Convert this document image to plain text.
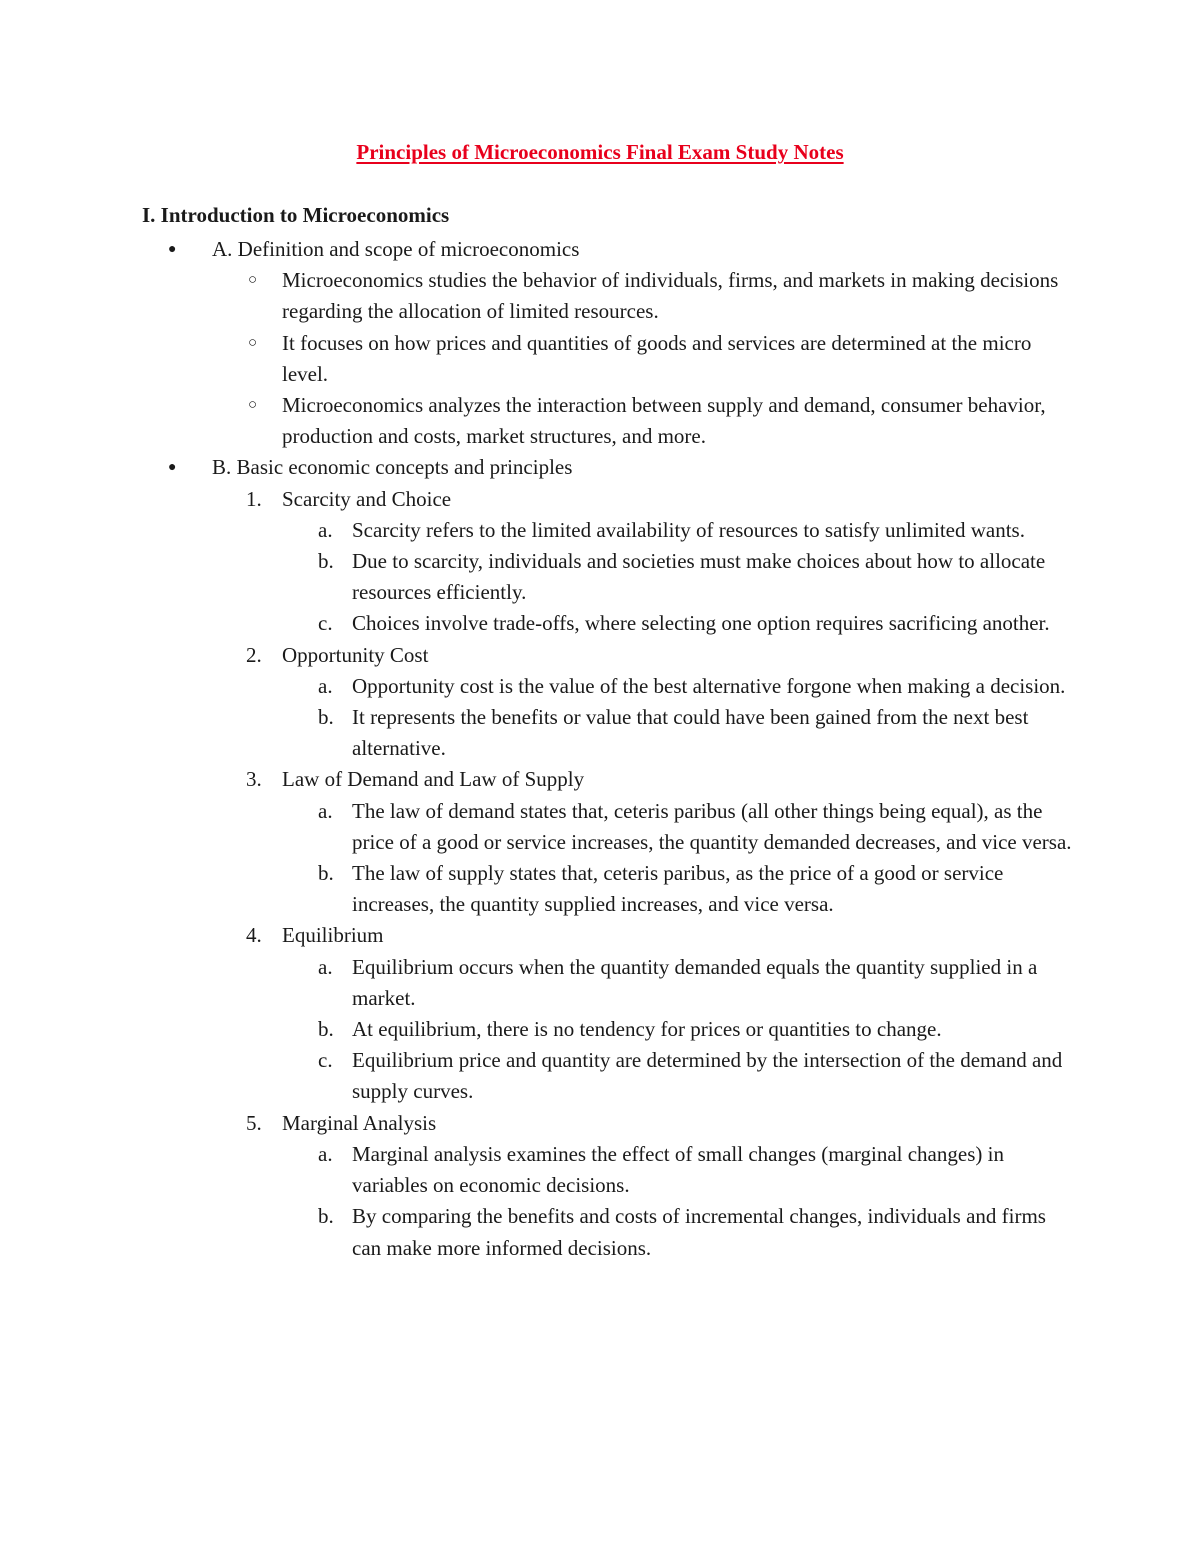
Principles of Microeconomics Final Exam Study Notes
I. Introduction to Microeconomics
● A. Definition and scope of microeconomics
○ Microeconomics studies the behavior of individuals, firms, and markets in making decisions regarding the allocation of limited resources.
○ It focuses on how prices and quantities of goods and services are determined at the micro level.
○ Microeconomics analyzes the interaction between supply and demand, consumer behavior, production and costs, market structures, and more.
● B. Basic economic concepts and principles
1. Scarcity and Choice
a. Scarcity refers to the limited availability of resources to satisfy unlimited wants.
b. Due to scarcity, individuals and societies must make choices about how to allocate resources efficiently.
c. Choices involve trade-offs, where selecting one option requires sacrificing another.
2. Opportunity Cost
a. Opportunity cost is the value of the best alternative forgone when making a decision.
b. It represents the benefits or value that could have been gained from the next best alternative.
3. Law of Demand and Law of Supply
a. The law of demand states that, ceteris paribus (all other things being equal), as the price of a good or service increases, the quantity demanded decreases, and vice versa.
b. The law of supply states that, ceteris paribus, as the price of a good or service increases, the quantity supplied increases, and vice versa.
4. Equilibrium
a. Equilibrium occurs when the quantity demanded equals the quantity supplied in a market.
b. At equilibrium, there is no tendency for prices or quantities to change.
c. Equilibrium price and quantity are determined by the intersection of the demand and supply curves.
5. Marginal Analysis
a. Marginal analysis examines the effect of small changes (marginal changes) in variables on economic decisions.
b. By comparing the benefits and costs of incremental changes, individuals and firms can make more informed decisions.
